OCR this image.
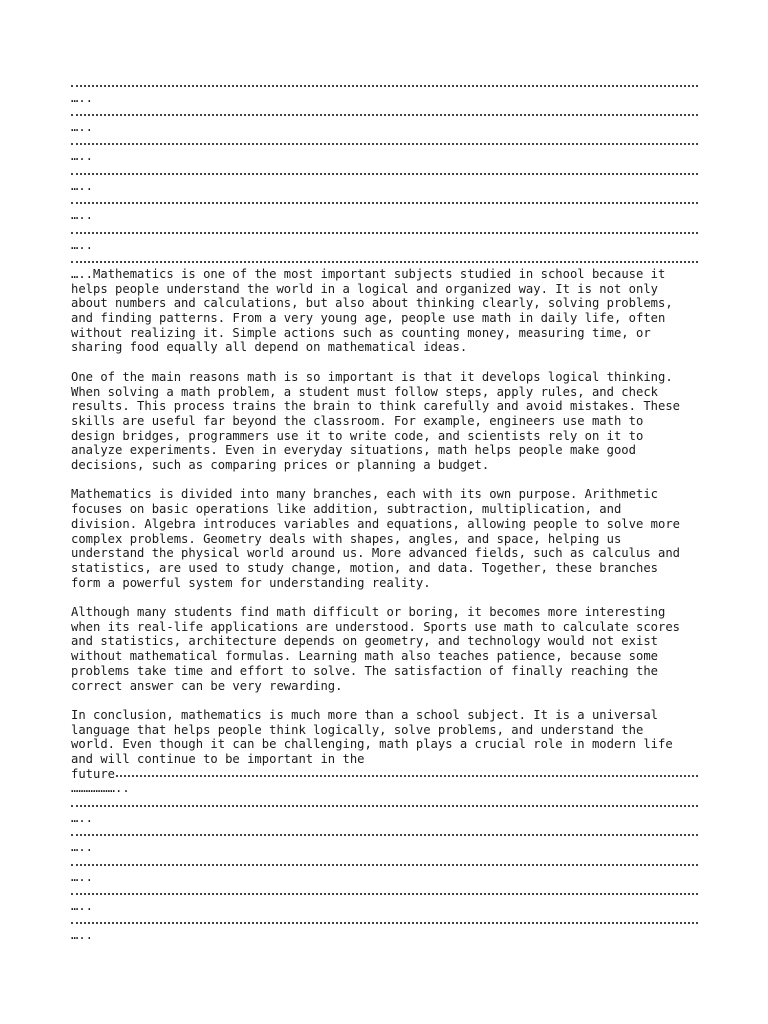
…..
…..
…..
…..
…..
…..
…..Mathematics is one of the most important subjects studied in school because it
helps people understand the world in a logical and organized way. It is not only
about numbers and calculations, but also about thinking clearly, solving problems,
and finding patterns. From a very young age, people use math in daily life, often
without realizing it. Simple actions such as counting money, measuring time, or
sharing food equally all depend on mathematical ideas.
One of the main reasons math is so important is that it develops logical thinking.
When solving a math problem, a student must follow steps, apply rules, and check
results. This process trains the brain to think carefully and avoid mistakes. These
skills are useful far beyond the classroom. For example, engineers use math to
design bridges, programmers use it to write code, and scientists rely on it to
analyze experiments. Even in everyday situations, math helps people make good
decisions, such as comparing prices or planning a budget.
Mathematics is divided into many branches, each with its own purpose. Arithmetic
focuses on basic operations like addition, subtraction, multiplication, and
division. Algebra introduces variables and equations, allowing people to solve more
complex problems. Geometry deals with shapes, angles, and space, helping us
understand the physical world around us. More advanced fields, such as calculus and
statistics, are used to study change, motion, and data. Together, these branches
form a powerful system for understanding reality.
Although many students find math difficult or boring, it becomes more interesting
when its real-life applications are understood. Sports use math to calculate scores
and statistics, architecture depends on geometry, and technology would not exist
without mathematical formulas. Learning math also teaches patience, because some
problems take time and effort to solve. The satisfaction of finally reaching the
correct answer can be very rewarding.
In conclusion, mathematics is much more than a school subject. It is a universal
language that helps people think logically, solve problems, and understand the
world. Even though it can be challenging, math plays a crucial role in modern life
and will continue to be important in the
future
………………..
…..
…..
…..
…..
…..
